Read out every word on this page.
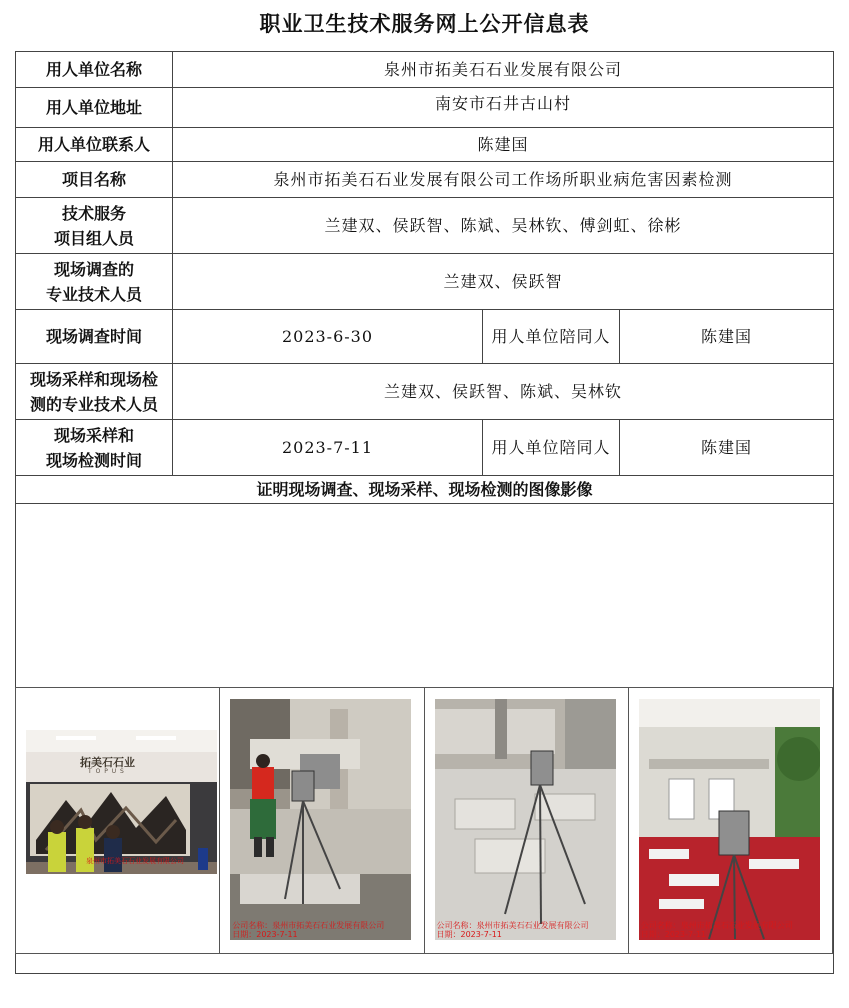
职业卫生技术服务网上公开信息表
用人单位名称	泉州市拓美石石业发展有限公司		
用人单位地址	南安市石井古山村		
用人单位联系人	陈建国		
项目名称	泉州市拓美石石业发展有限公司工作场所职业病危害因素检测		

技术服务
项目组人员	兰建双、侯跃智、陈斌、吴林钦、傅剑虹、徐彬		

现场调查的
专业技术人员	兰建双、侯跃智		
现场调查时间	2023-6-30	用人单位陪同人	陈建国

现场采样和现场检
测的专业技术人员	兰建双、侯跃智、陈斌、吴林钦		

现场采样和
现场检测时间	2023-7-11	用人单位陪同人	陈建国
证明现场调查、现场采样、现场检测的图像影像			

拓美石石业
T O P U S
泉州市拓美石石业发展有限公司
公司名称：泉州市拓美石石业发展有限公司
日期：2023-7-11
公司名称：泉州市拓美石石业发展有限公司
日期：2023-7-11
公司名称：泉州市拓美石石业发展有限公司
日期：2023-7-11
